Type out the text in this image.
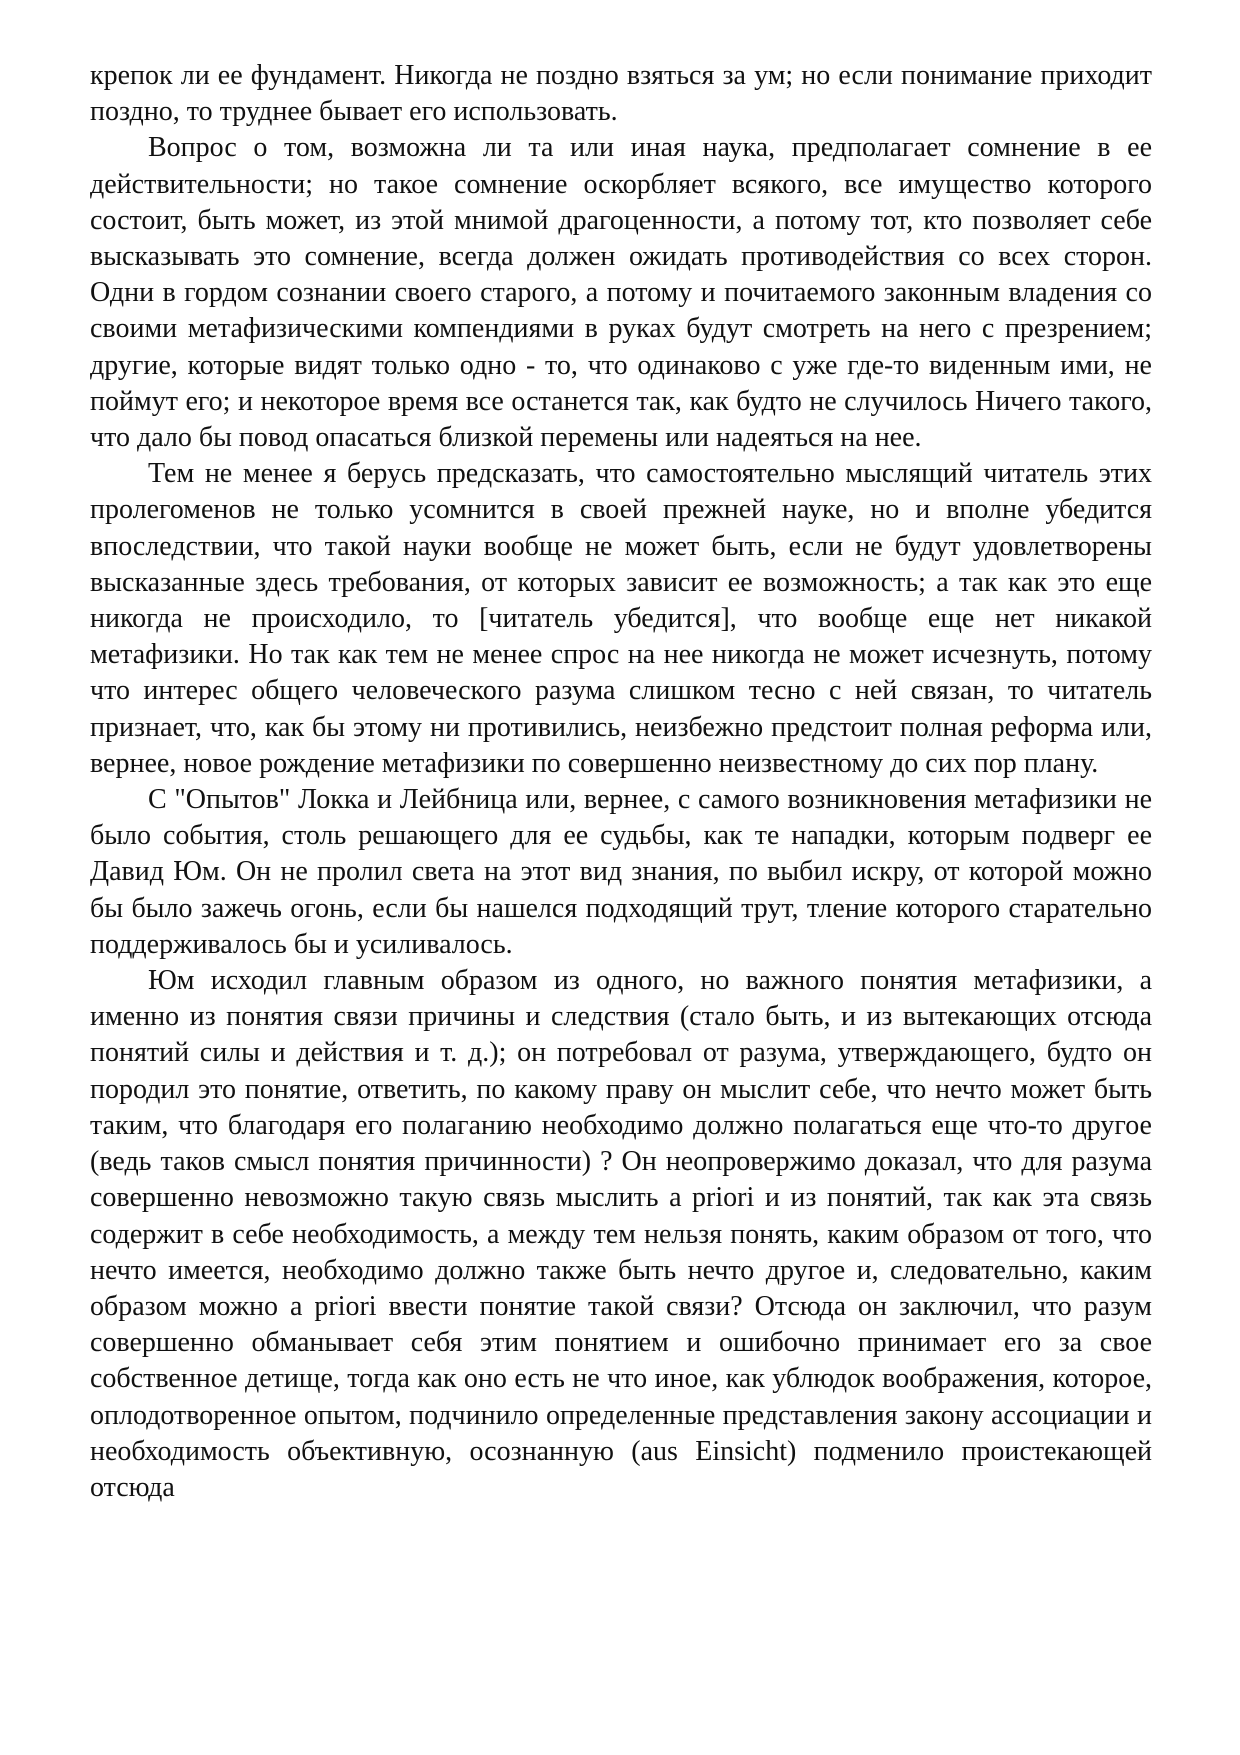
крепок ли ее фундамент. Никогда не поздно взяться за ум; но если понимание приходит поздно, то труднее бывает его использовать.

Вопрос о том, возможна ли та или иная наука, предполагает сомнение в ее действительности; но такое сомнение оскорбляет всякого, все имущество которого состоит, быть может, из этой мнимой драгоценности, а потому тот, кто позволяет себе высказывать это сомнение, всегда должен ожидать противодействия со всех сторон. Одни в гордом сознании своего старого, а потому и почитаемого законным владения со своими метафизическими компендиями в руках будут смотреть на него с презрением; другие, которые видят только одно - то, что одинаково с уже где-то виденным ими, не поймут его; и некоторое время все останется так, как будто не случилось Ничего такого, что дало бы повод опасаться близкой перемены или надеяться на нее.

Тем не менее я берусь предсказать, что самостоятельно мыслящий читатель этих пролегоменов не только усомнится в своей прежней науке, но и вполне убедится впоследствии, что такой науки вообще не может быть, если не будут удовлетворены высказанные здесь требования, от которых зависит ее возможность; а так как это еще никогда не происходило, то [читатель убедится], что вообще еще нет никакой метафизики. Но так как тем не менее спрос на нее никогда не может исчезнуть, потому что интерес общего человеческого разума слишком тесно с ней связан, то читатель признает, что, как бы этому ни противились, неизбежно предстоит полная реформа или, вернее, новое рождение метафизики по совершенно неизвестному до сих пор плану.

С "Опытов" Локка и Лейбница или, вернее, с самого возникновения метафизики не было события, столь решающего для ее судьбы, как те нападки, которым подверг ее Давид Юм. Он не пролил света на этот вид знания, по выбил искру, от которой можно бы было зажечь огонь, если бы нашелся подходящий трут, тление которого старательно поддерживалось бы и усиливалось.

Юм исходил главным образом из одного, но важного понятия метафизики, а именно из понятия связи причины и следствия (стало быть, и из вытекающих отсюда понятий силы и действия и т. д.); он потребовал от разума, утверждающего, будто он породил это понятие, ответить, по какому праву он мыслит себе, что нечто может быть таким, что благодаря его полаганию необходимо должно полагаться еще что-то другое (ведь таков смысл понятия причинности) ? Он неопровержимо доказал, что для разума совершенно невозможно такую связь мыслить a priori и из понятий, так как эта связь содержит в себе необходимость, а между тем нельзя понять, каким образом от того, что нечто имеется, необходимо должно также быть нечто другое и, следовательно, каким образом можно a priori ввести понятие такой связи? Отсюда он заключил, что разум совершенно обманывает себя этим понятием и ошибочно принимает его за свое собственное детище, тогда как оно есть не что иное, как ублюдок воображения, которое, оплодотворенное опытом, подчинило определенные представления закону ассоциации и необходимость объективную, осознанную (aus Einsicht) подменило проистекающей отсюда
